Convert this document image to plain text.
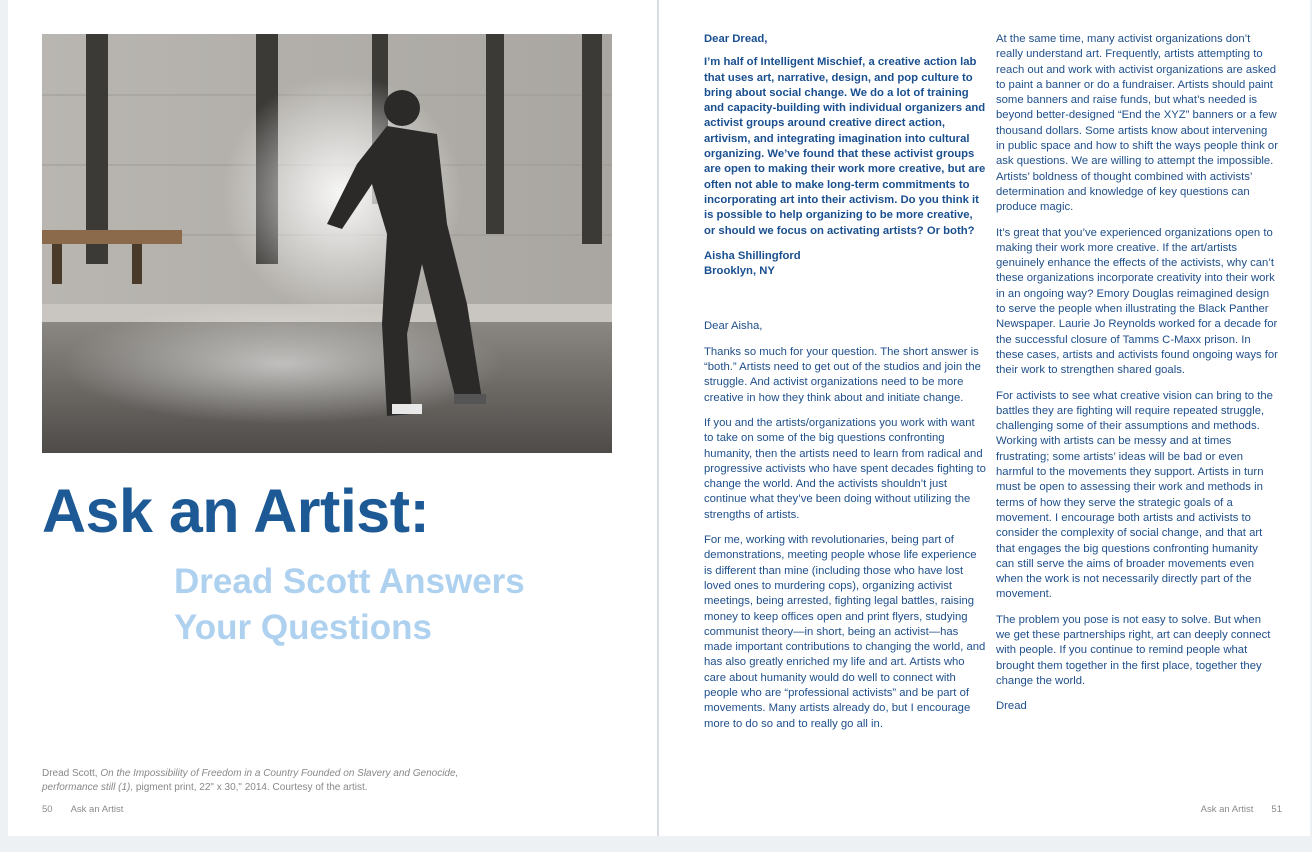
Ask an Artist:
Dread Scott Answers
Your Questions
Dread Scott, On the Impossibility of Freedom in a Country Founded on Slavery and Genocide,
performance still (1), pigment print, 22" x 30," 2014. Courtesy of the artist.
50 Ask an Artist

Dear Dread,

I’m half of Intelligent Mischief, a creative action lab that uses art, narrative, design, and pop culture to bring about social change. We do a lot of training and capacity-building with individual organizers and activist groups around creative direct action, artivism, and integrating imagination into cultural organizing. We’ve found that these activist groups are open to making their work more creative, but are often not able to make long-term commitments to incorporating art into their activism. Do you think it is possible to help organizing to be more creative, or should we focus on activating artists? Or both?

Aisha Shillingford

Brooklyn, NY

Dear Aisha,

Thanks so much for your question. The short answer is “both.” Artists need to get out of the studios and join the struggle. And activist organizations need to be more creative in how they think about and initiate change.

If you and the artists/organizations you work with want to take on some of the big questions confronting humanity, then the artists need to learn from radical and progressive activists who have spent decades fighting to change the world. And the activists shouldn’t just continue what they’ve been doing without utilizing the strengths of artists.

For me, working with revolutionaries, being part of demonstrations, meeting people whose life experience is different than mine (including those who have lost loved ones to murdering cops), organizing activist meetings, being arrested, fighting legal battles, raising money to keep offices open and print flyers, studying communist theory—in short, being an activist—has made important contributions to changing the world, and has also greatly enriched my life and art. Artists who care about humanity would do well to connect with people who are “professional activists” and be part of movements. Many artists already do, but I encourage more to do so and to really go all in.

At the same time, many activist organizations don’t really understand art. Frequently, artists attempting to reach out and work with activist organizations are asked to paint a banner or do a fundraiser. Artists should paint some banners and raise funds, but what’s needed is beyond better-designed “End the XYZ” banners or a few thousand dollars. Some artists know about intervening in public space and how to shift the ways people think or ask questions. We are willing to attempt the impossible. Artists’ boldness of thought combined with activists’ determination and knowledge of key questions can produce magic.

It’s great that you’ve experienced organizations open to making their work more creative. If the art/artists genuinely enhance the effects of the activists, why can’t these organizations incorporate creativity into their work in an ongoing way? Emory Douglas reimagined design to serve the people when illustrating the Black Panther Newspaper. Laurie Jo Reynolds worked for a decade for the successful closure of Tamms C-Maxx prison. In these cases, artists and activists found ongoing ways for their work to strengthen shared goals.

For activists to see what creative vision can bring to the battles they are fighting will require repeated struggle, challenging some of their assumptions and methods. Working with artists can be messy and at times frustrating; some artists’ ideas will be bad or even harmful to the movements they support. Artists in turn must be open to assessing their work and methods in terms of how they serve the strategic goals of a movement. I encourage both artists and activists to consider the complexity of social change, and that art that engages the big questions confronting humanity can still serve the aims of broader movements even when the work is not necessarily directly part of the movement.

The problem you pose is not easy to solve. But when we get these partnerships right, art can deeply connect with people. If you continue to remind people what brought them together in the first place, together they change the world.

Dread

Ask an Artist 51
